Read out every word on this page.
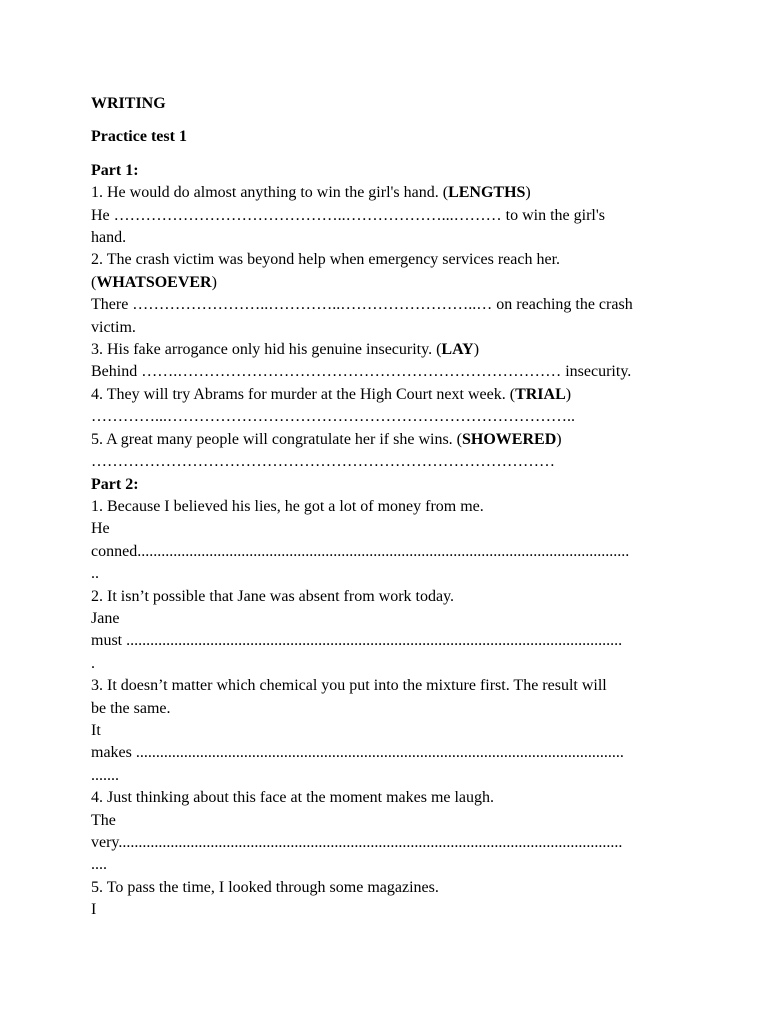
WRITING
Practice test 1
Part 1:
1. He would do almost anything to win the girl's hand. (LENGTHS)
He ……………………………………..………………...……… to win the girl's
hand.
2. The crash victim was beyond help when emergency services reach her.
(WHATSOEVER)
There ……………………..…………..……………………..… on reaching the crash
victim.
3. His fake arrogance only hid his genuine insecurity. (LAY)
Behind …….……………………………………………………………… insecurity.
4. They will try Abrams for murder at the High Court next week. (TRIAL)
…………...…………………………………………………………………..
5. A great many people will congratulate her if she wins. (SHOWERED)
……………………………………………………………………………
Part 2:
1. Because I believed his lies, he got a lot of money from me.
He
conned...........................................................................................................................
..
2. It isn’t possible that Jane was absent from work today.
Jane
must ............................................................................................................................
.
3. It doesn’t matter which chemical you put into the mixture first. The result will
be the same.
It
makes ..........................................................................................................................
.......
4. Just thinking about this face at the moment makes me laugh.
The
very..............................................................................................................................
....
5. To pass the time, I looked through some magazines.
I
